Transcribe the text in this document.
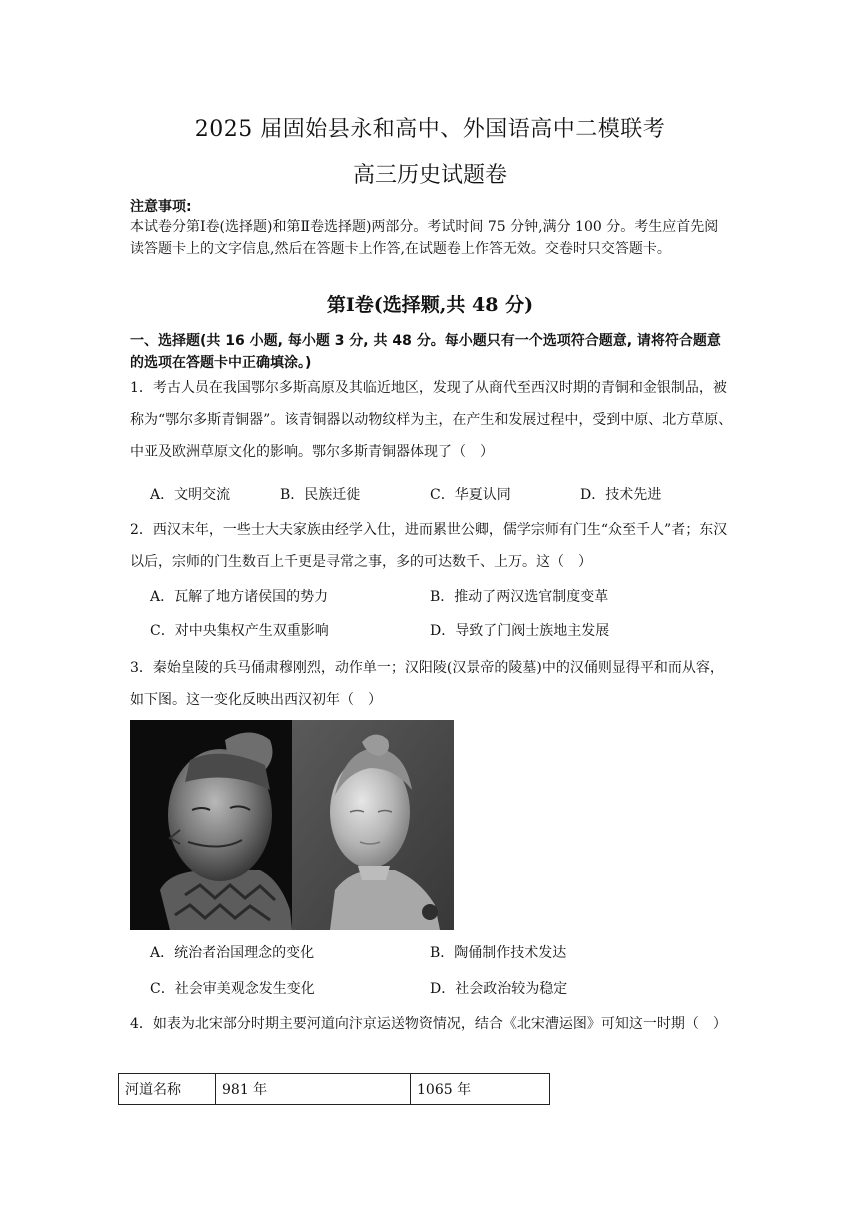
2025 届固始县永和高中、外国语高中二模联考
高三历史试题卷
注意事项:
本试卷分第Ⅰ卷(选择题)和第Ⅱ卷选择题)两部分。考试时间 75 分钟,满分 100 分。考生应首先阅读答题卡上的文字信息,然后在答题卡上作答,在试题卷上作答无效。交卷时只交答题卡。
第Ⅰ卷(选择颗,共 48 分)
一、选择题(共 16 小题, 每小题 3 分, 共 48 分。每小题只有一个选项符合题意, 请将符合题意的选项在答题卡中正确填涂。)
1．考古人员在我国鄂尔多斯高原及其临近地区，发现了从商代至西汉时期的青铜和金银制品，被称为“鄂尔多斯青铜器”。该青铜器以动物纹样为主，在产生和发展过程中，受到中原、北方草原、中亚及欧洲草原文化的影响。鄂尔多斯青铜器体现了（　）
A．文明交流	B．民族迁徙	C．华夏认同	D．技术先进
2．西汉末年，一些士大夫家族由经学入仕，进而累世公卿，儒学宗师有门生“众至千人”者；东汉以后，宗师的门生数百上千更是寻常之事，多的可达数千、上万。这（　）
A．瓦解了地方诸侯国的势力	B．推动了两汉选官制度变革
C．对中央集权产生双重影响	D．导致了门阀士族地主发展
3．秦始皇陵的兵马俑肃穆刚烈，动作单一；汉阳陵(汉景帝的陵墓)中的汉俑则显得平和而从容，如下图。这一变化反映出西汉初年（　）
A．统治者治国理念的变化	B．陶俑制作技术发达
C．社会审美观念发生变化	D．社会政治较为稳定
4．如表为北宋部分时期主要河道向汴京运送物资情况，结合《北宋漕运图》可知这一时期（　）
河道名称	981 年	1065 年
